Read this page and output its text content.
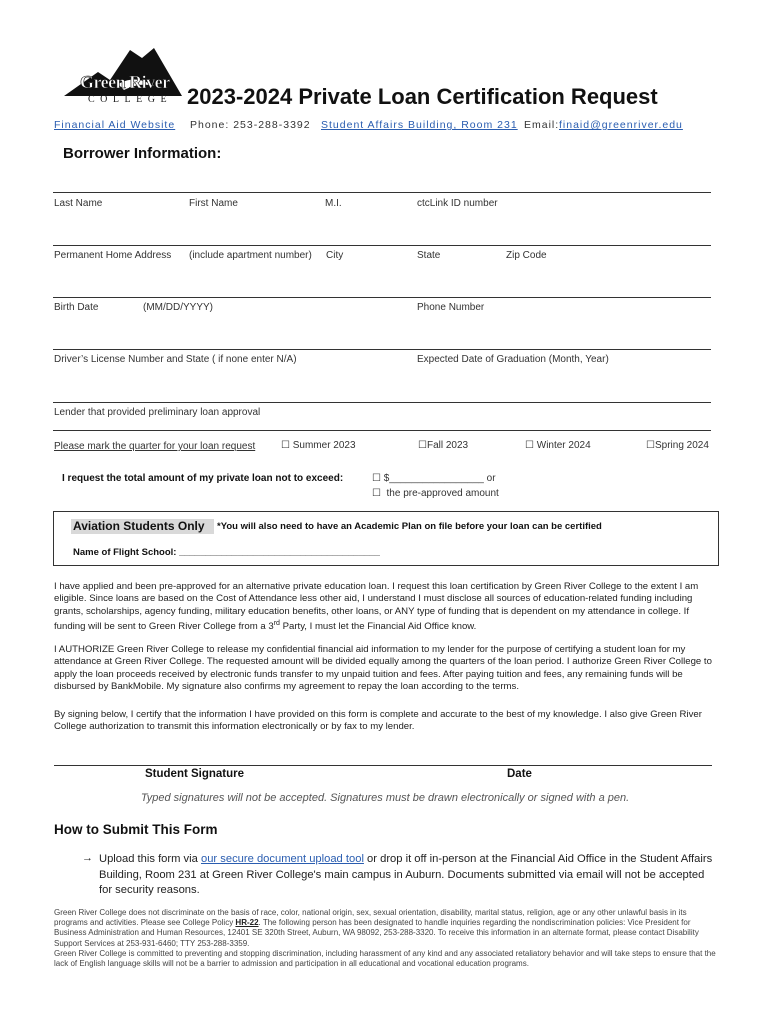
Green River
COLLEGE 2023-2024 Private Loan Certification Request
Financial Aid Website Phone: 253-288-3392 Student Affairs Building, Room 231 Email: finaid@greenriver.edu
Borrower Information:
Last Name	First Name	M.I.	ctcLink ID number
Permanent Home Address (include apartment number) City	State	Zip Code
Birth Date	(MM/DD/YYYY)	Phone Number
Driver’s License Number and State ( if none enter N/A)	Expected Date of Graduation (Month, Year)
Lender that provided preliminary loan approval
Please mark the quarter for your loan request	☐ Summer 2023	☐Fall 2023	☐ Winter 2024	☐Spring 2024
I request the total amount of my private loan not to exceed:	☐ $_________________ or
☐  the pre-approved amount
Aviation Students Only *You will also need to have an Academic Plan on file before your loan can be certified
Name of Flight School: ______________________________________
I have applied and been pre-approved for an alternative private education loan. I request this loan certification by Green River College to the extent I am eligible. Since loans are based on the Cost of Attendance less other aid, I understand I must disclose all sources of education-related funding including grants, scholarships, agency funding, military education benefits, other loans, or ANY type of funding that is dependent on my attendance in college. If funding will be sent to Green River College from a 3rd Party, I must let the Financial Aid Office know.
I AUTHORIZE Green River College to release my confidential financial aid information to my lender for the purpose of certifying a student loan for my attendance at Green River College. The requested amount will be divided equally among the quarters of the loan period. I authorize Green River College to apply the loan proceeds received by electronic funds transfer to my unpaid tuition and fees. After paying tuition and fees, any remaining funds will be disbursed by BankMobile. My signature also confirms my agreement to repay the loan according to the terms.
By signing below, I certify that the information I have provided on this form is complete and accurate to the best of my knowledge. I also give Green River College authorization to transmit this information electronically or by fax to my lender.
Student Signature	Date
Typed signatures will not be accepted. Signatures must be drawn electronically or signed with a pen.
How to Submit This Form
→ Upload this form via our secure document upload tool or drop it off in-person at the Financial Aid Office in the Student Affairs Building, Room 231 at Green River College's main campus in Auburn. Documents submitted via email will not be accepted for security reasons.
Green River College does not discriminate on the basis of race, color, national origin, sex, sexual orientation, disability, marital status, religion, age or any other unlawful basis in its programs and activities. Please see College Policy HR-22. The following person has been designated to handle inquiries regarding the nondiscrimination policies: Vice President for Business Administration and Human Resources, 12401 SE 320th Street, Auburn, WA 98092, 253-288-3320. To receive this information in an alternate format, please contact Disability Support Services at 253-931-6460; TTY 253-288-3359.
Green River College is committed to preventing and stopping discrimination, including harassment of any kind and any associated retaliatory behavior and will take steps to ensure that the lack of English language skills will not be a barrier to admission and participation in all educational and vocational education programs.
